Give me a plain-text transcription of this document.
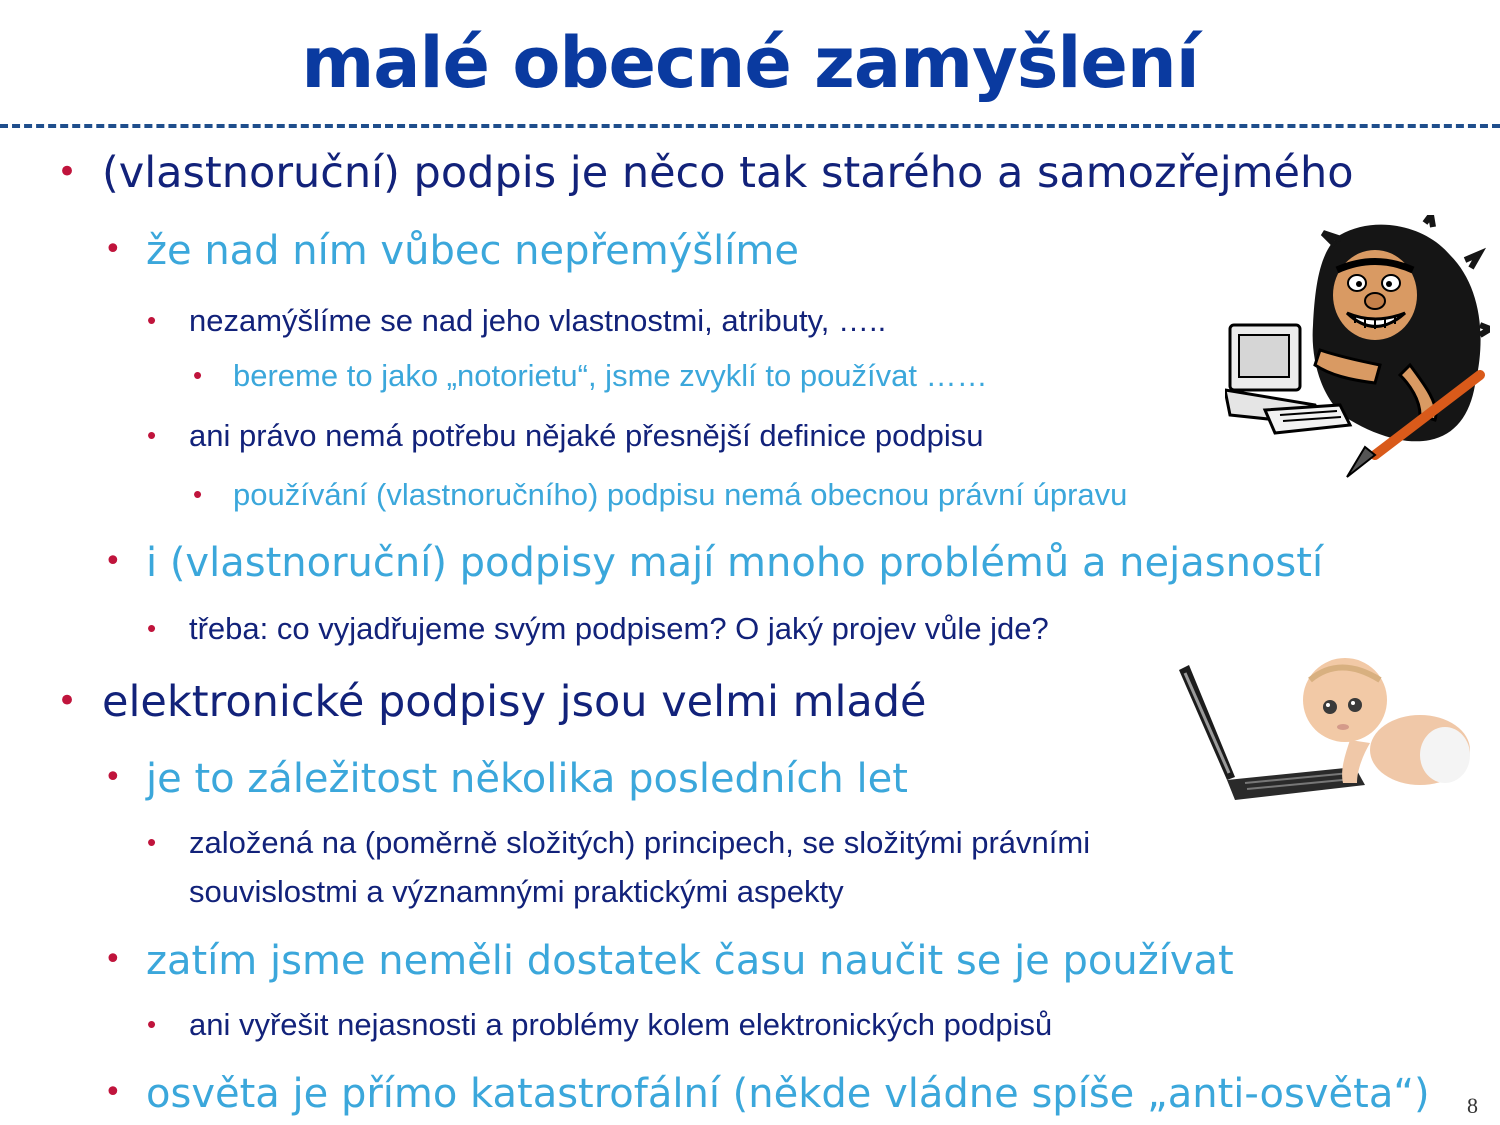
malé obecné zamyšlení
• (vlastnoruční) podpis je něco tak starého a samozřejmého
• že nad ním vůbec nepřemýšlíme
• nezamýšlíme se nad jeho vlastnostmi, atributy, …..
• bereme to jako „notorietu“, jsme zvyklí to používat ……
• ani právo nemá potřebu nějaké přesnější definice podpisu
• používání (vlastnoručního) podpisu nemá obecnou právní úpravu
• i (vlastnoruční) podpisy mají mnoho problémů a nejasností
• třeba: co vyjadřujeme svým podpisem? O jaký projev vůle jde?
• elektronické podpisy jsou velmi mladé
• je to záležitost několika posledních let
• založená na (poměrně složitých) principech, se složitými právními
souvislostmi a významnými praktickými aspekty
• zatím jsme neměli dostatek času naučit se je používat
• ani vyřešit nejasnosti a problémy kolem elektronických podpisů
• osvěta je přímo katastrofální (někde vládne spíše „anti-osvěta“) 8
